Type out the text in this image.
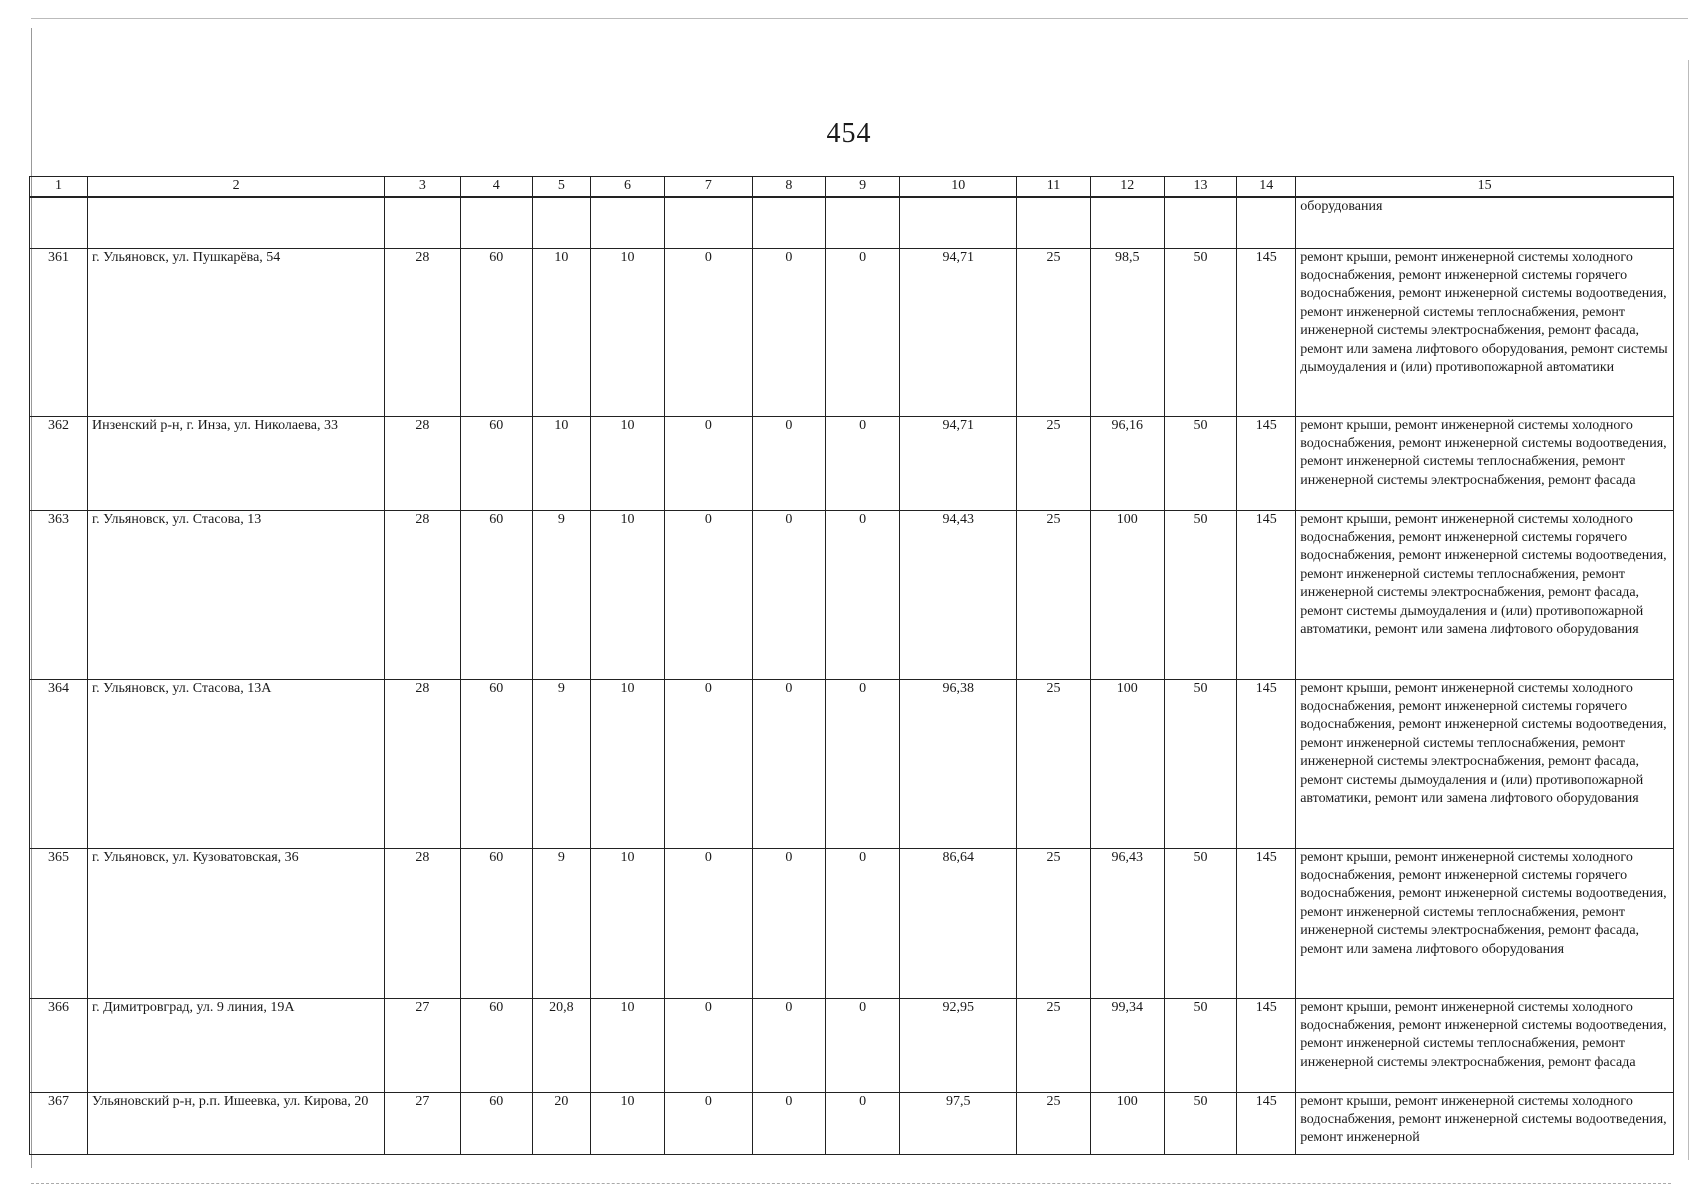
454
1	2	3	4	5	6	7	8	9	10	11	12	13	14	15
														оборудования
361	г. Ульяновск, ул. Пушкарёва, 54	28	60	10	10	0	0	0	94,71	25	98,5	50	145	ремонт крыши, ремонт инженерной системы холодного водоснабжения, ремонт инженерной системы горячего водоснабжения, ремонт инженерной системы водоотведения, ремонт инженерной системы теплоснабжения, ремонт инженерной системы электроснабжения, ремонт фасада, ремонт или замена лифтового оборудования, ремонт системы дымоудаления и (или) противопожарной автоматики
362	Инзенский р-н, г. Инза, ул. Николаева, 33	28	60	10	10	0	0	0	94,71	25	96,16	50	145	ремонт крыши, ремонт инженерной системы холодного водоснабжения, ремонт инженерной системы водоотведения, ремонт инженерной системы теплоснабжения, ремонт инженерной системы электроснабжения, ремонт фасада
363	г. Ульяновск, ул. Стасова, 13	28	60	9	10	0	0	0	94,43	25	100	50	145	ремонт крыши, ремонт инженерной системы холодного водоснабжения, ремонт инженерной системы горячего водоснабжения, ремонт инженерной системы водоотведения, ремонт инженерной системы теплоснабжения, ремонт инженерной системы электроснабжения, ремонт фасада, ремонт системы дымоудаления и (или) противопожарной автоматики, ремонт или замена лифтового оборудования
364	г. Ульяновск, ул. Стасова, 13А	28	60	9	10	0	0	0	96,38	25	100	50	145	ремонт крыши, ремонт инженерной системы холодного водоснабжения, ремонт инженерной системы горячего водоснабжения, ремонт инженерной системы водоотведения, ремонт инженерной системы теплоснабжения, ремонт инженерной системы электроснабжения, ремонт фасада, ремонт системы дымоудаления и (или) противопожарной автоматики, ремонт или замена лифтового оборудования
365	г. Ульяновск, ул. Кузоватовская, 36	28	60	9	10	0	0	0	86,64	25	96,43	50	145	ремонт крыши, ремонт инженерной системы холодного водоснабжения, ремонт инженерной системы горячего водоснабжения, ремонт инженерной системы водоотведения, ремонт инженерной системы теплоснабжения, ремонт инженерной системы электроснабжения, ремонт фасада, ремонт или замена лифтового оборудования
366	г. Димитровград, ул. 9 линия, 19А	27	60	20,8	10	0	0	0	92,95	25	99,34	50	145	ремонт крыши, ремонт инженерной системы холодного водоснабжения, ремонт инженерной системы водоотведения, ремонт инженерной системы теплоснабжения, ремонт инженерной системы электроснабжения, ремонт фасада
367	Ульяновский р-н, р.п. Ишеевка, ул. Кирова, 20	27	60	20	10	0	0	0	97,5	25	100	50	145	ремонт крыши, ремонт инженерной системы холодного водоснабжения, ремонт инженерной системы водоотведения, ремонт инженерной
